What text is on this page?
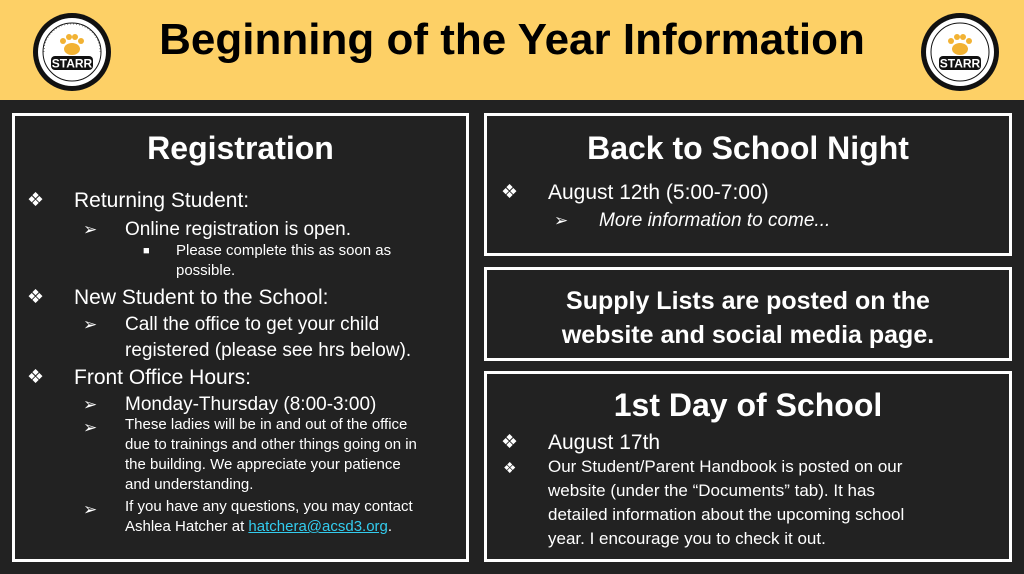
STARR	Beginning of the Year Information	STARR
Registration
❖ Returning Student:
➢ Online registration is open.
■ Please complete this as soon as
possible.
❖ New Student to the School:
➢ Call the office to get your child
registered (please see hrs below).
❖ Front Office Hours:
➢ Monday-Thursday (8:00-3:00)
➢ These ladies will be in and out of the office
due to trainings and other things going on in
the building. We appreciate your patience
and understanding.
➢ If you have any questions, you may contact
Ashlea Hatcher at hatchera@acsd3.org.
Back to School Night
❖ August 12th (5:00-7:00)
➢ More information to come...
Supply Lists are posted on the
website and social media page.
1st Day of School
❖ August 17th
❖ Our Student/Parent Handbook is posted on our
website (under the “Documents” tab). It has
detailed information about the upcoming school
year. I encourage you to check it out.
